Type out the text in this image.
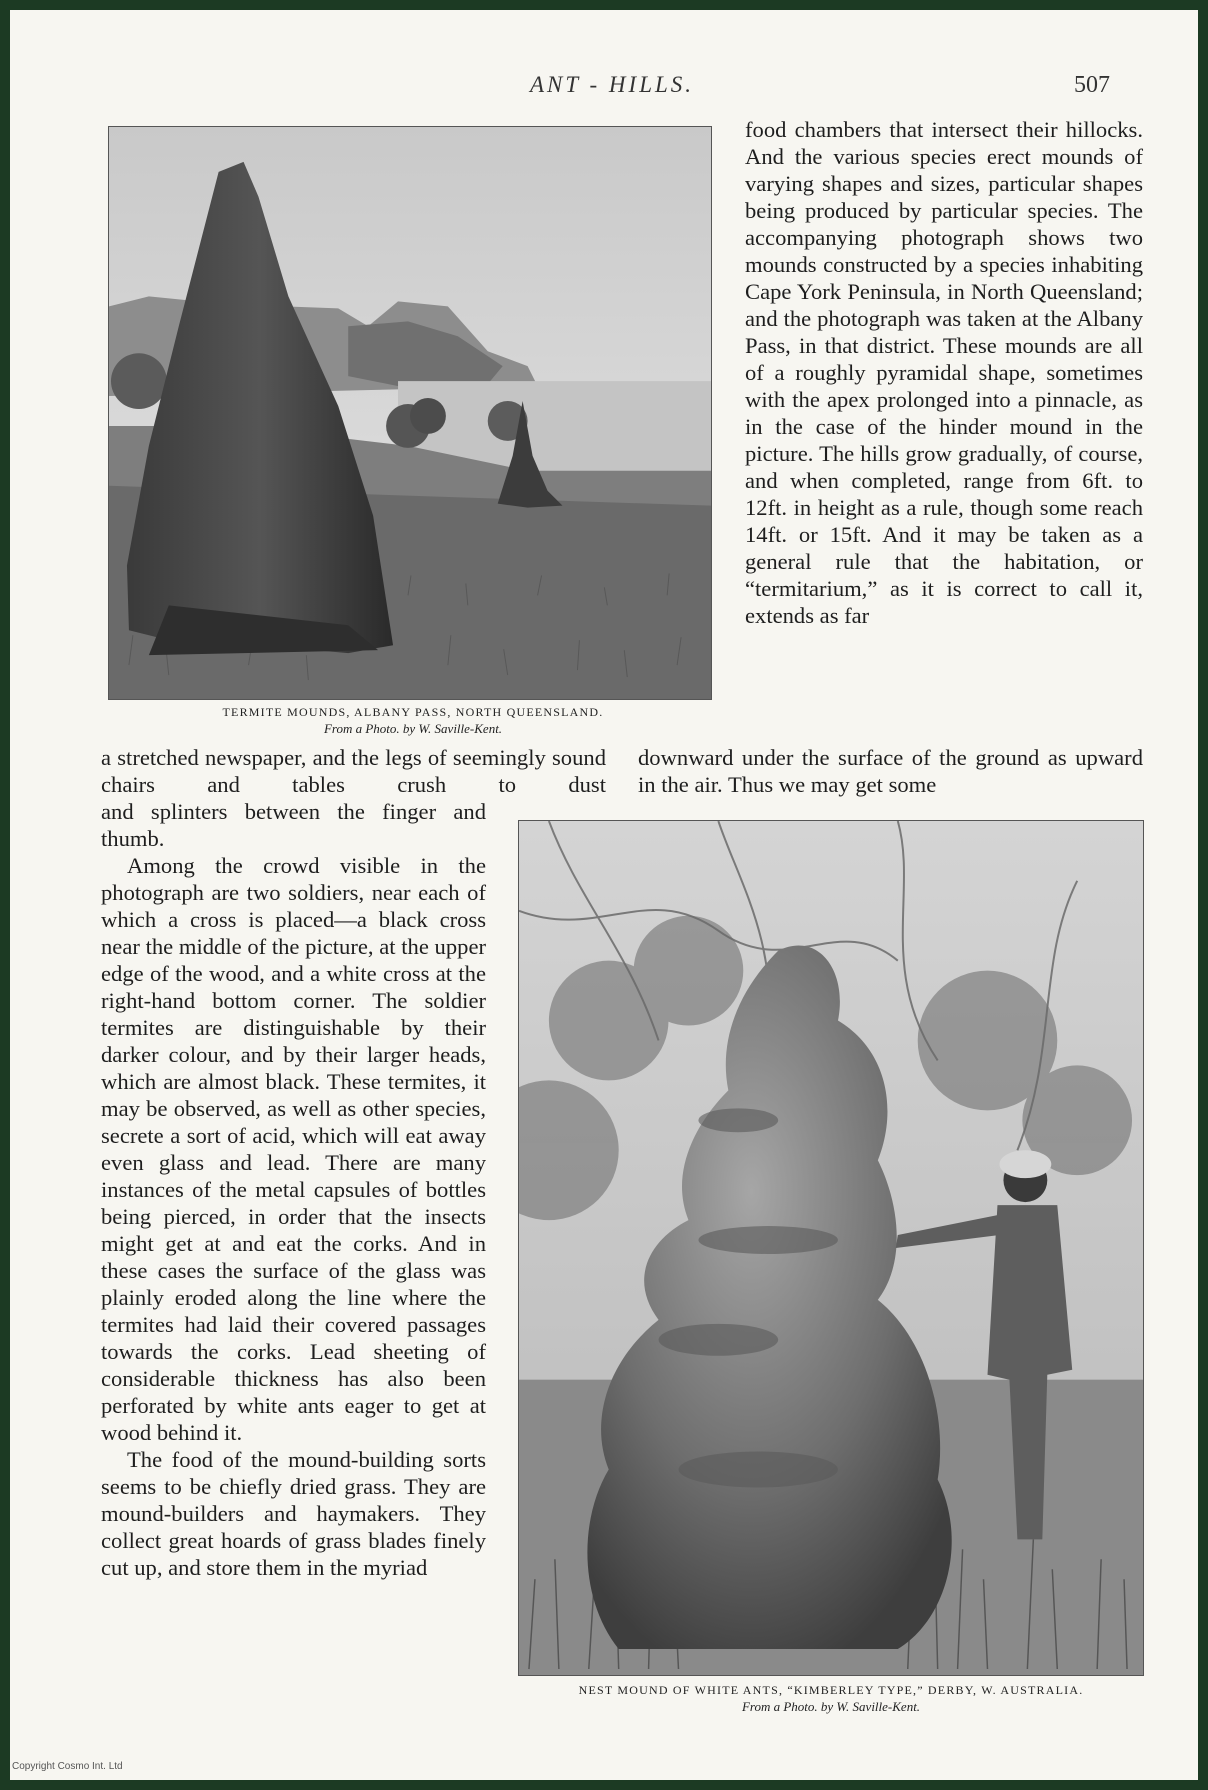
ANT - HILLS.	507
TERMITE MOUNDS, ALBANY PASS, NORTH QUEENSLAND.
From a Photo. by W. Saville-Kent.

food chambers that intersect their hillocks. And the various species erect mounds of varying shapes and sizes, particular shapes being produced by particular species. The accompanying photograph shows two mounds constructed by a species inhabiting Cape York Peninsula, in North Queensland; and the photograph was taken at the Albany Pass, in that district. These mounds are all of a roughly pyramidal shape, sometimes with the apex prolonged into a pinnacle, as in the case of the hinder mound in the picture. The hills grow gradually, of course, and when completed, range from 6ft. to 12ft. in height as a rule, though some reach 14ft. or 15ft. And it may be taken as a general rule that the habitation, or “termitarium,” as it is correct to call it, extends as far

a stretched newspaper, and the legs of seemingly sound chairs and tables crush to dust

downward under the surface of the ground as upward in the air. Thus we may get some

and splinters between the finger and thumb.

Among the crowd visible in the photograph are two soldiers, near each of which a cross is placed—a black cross near the middle of the picture, at the upper edge of the wood, and a white cross at the right-hand bottom corner. The soldier termites are distinguishable by their darker colour, and by their larger heads, which are almost black. These termites, it may be observed, as well as other species, secrete a sort of acid, which will eat away even glass and lead. There are many instances of the metal capsules of bottles being pierced, in order that the insects might get at and eat the corks. And in these cases the surface of the glass was plainly eroded along the line where the termites had laid their covered passages towards the corks. Lead sheeting of considerable thickness has also been perforated by white ants eager to get at wood behind it.

The food of the mound-building sorts seems to be chiefly dried grass. They are mound-builders and haymakers. They collect great hoards of grass blades finely cut up, and store them in the myriad

NEST MOUND OF WHITE ANTS, “KIMBERLEY TYPE,” DERBY, W. AUSTRALIA.
From a Photo. by W. Saville-Kent.
Copyright Cosmo Int. Ltd
